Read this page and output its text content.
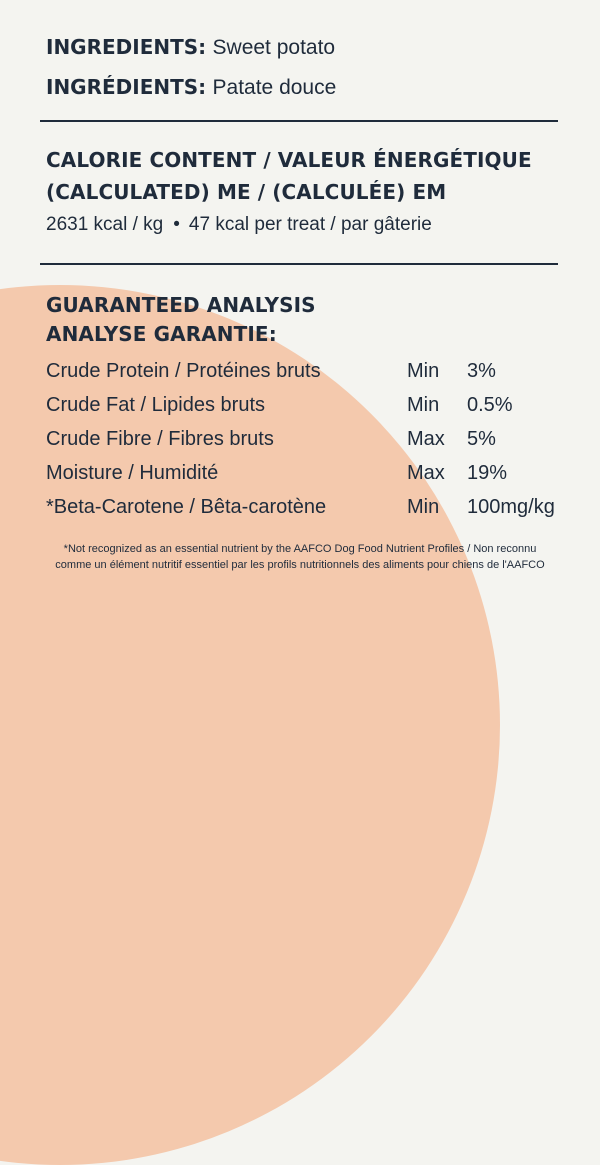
INGREDIENTS: Sweet potato
INGRÉDIENTS: Patate douce
CALORIE CONTENT / VALEUR ÉNERGÉTIQUE
(CALCULATED) ME / (CALCULÉE) EM
2631 kcal / kg • 47 kcal per treat / par gâterie
GUARANTEED ANALYSIS
ANALYSE GARANTIE:
Crude Protein / Protéines bruts	Min 3%
Crude Fat / Lipides bruts	Min 0.5%
Crude Fibre / Fibres bruts	Max 5%
Moisture / Humidité	Max 19%
*Beta-Carotene / Bêta-carotène	Min 100mg/kg
*Not recognized as an essential nutrient by the AAFCO Dog Food Nutrient Profiles / Non reconnu
comme un élément nutritif essentiel par les profils nutritionnels des aliments pour chiens de l'AAFCO
